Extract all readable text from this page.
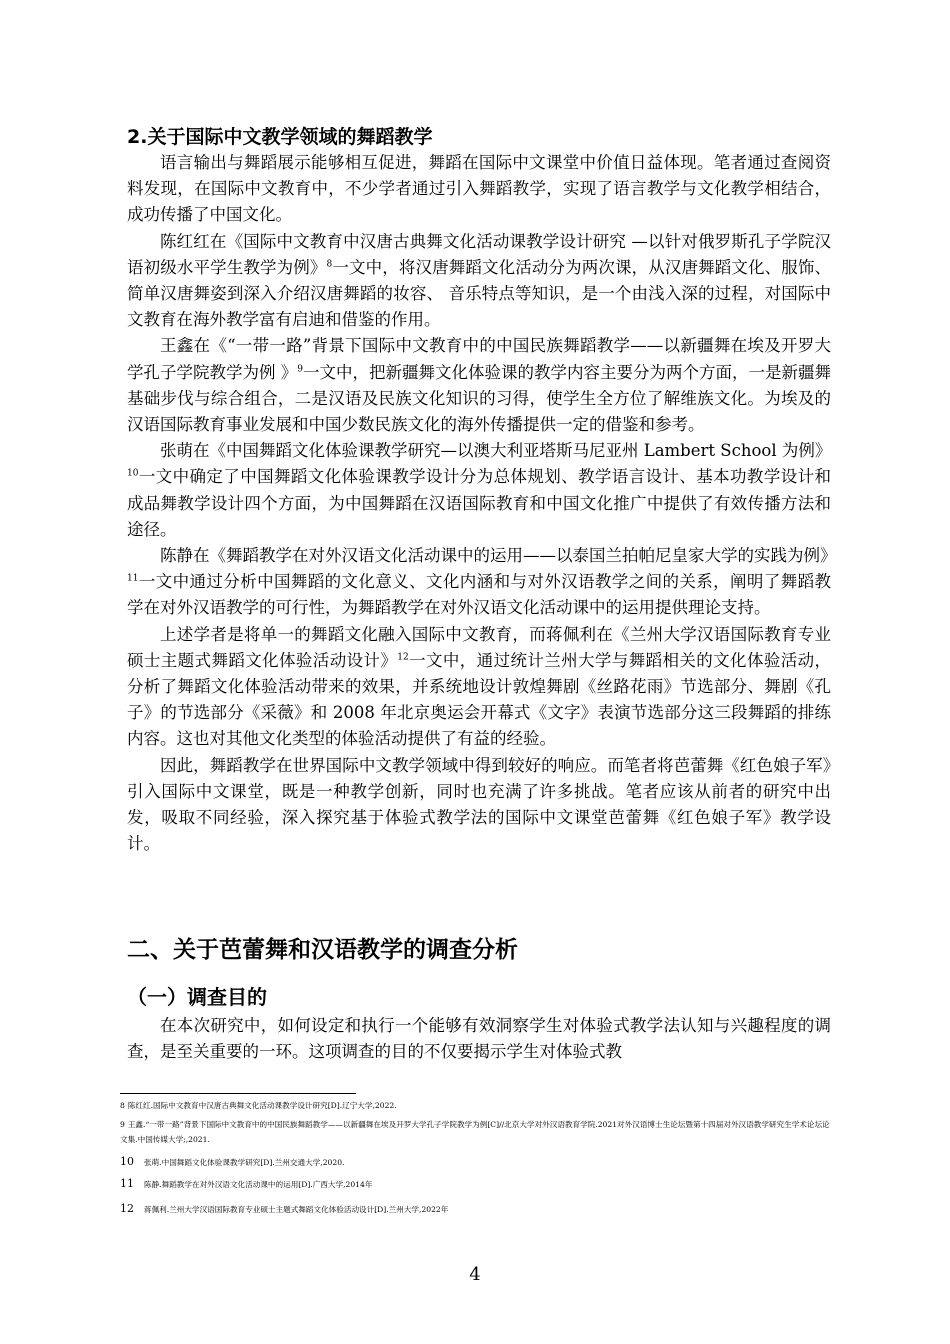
2.关于国际中文教学领域的舞蹈教学

语言输出与舞蹈展示能够相互促进，舞蹈在国际中文课堂中价值日益体现。笔者通过查阅资料发现，在国际中文教育中，不少学者通过引入舞蹈教学，实现了语言教学与文化教学相结合，成功传播了中国文化。

陈红红在《国际中文教育中汉唐古典舞文化活动课教学设计研究 —以针对俄罗斯孔子学院汉语初级水平学生教学为例》$^8$一文中，将汉唐舞蹈文化活动分为两次课，从汉唐舞蹈文化、服饰、简单汉唐舞姿到深入介绍汉唐舞蹈的妆容、 音乐特点等知识，是一个由浅入深的过程，对国际中文教育在海外教学富有启迪和借鉴的作用。

王鑫在《“一带一路”背景下国际中文教育中的中国民族舞蹈教学——以新疆舞在埃及开罗大学孔子学院教学为例 》$^9$一文中，把新疆舞文化体验课的教学内容主要分为两个方面，一是新疆舞基础步伐与综合组合，二是汉语及民族文化知识的习得，使学生全方位了解维族文化。为埃及的汉语国际教育事业发展和中国少数民族文化的海外传播提供一定的借鉴和参考。

张萌在《中国舞蹈文化体验课教学研究—以澳大利亚塔斯马尼亚州 Lambert School 为例》$^{10}$一文中确定了中国舞蹈文化体验课教学设计分为总体规划、教学语言设计、基本功教学设计和成品舞教学设计四个方面，为中国舞蹈在汉语国际教育和中国文化推广中提供了有效传播方法和途径。

陈静在《舞蹈教学在对外汉语文化活动课中的运用——以泰国兰拍帕尼皇家大学的实践为例》$^{11}$一文中通过分析中国舞蹈的文化意义、文化内涵和与对外汉语教学之间的关系，阐明了舞蹈教学在对外汉语教学的可行性，为舞蹈教学在对外汉语文化活动课中的运用提供理论支持。

上述学者是将单一的舞蹈文化融入国际中文教育，而蒋佩利在《兰州大学汉语国际教育专业硕士主题式舞蹈文化体验活动设计》$^{12}$一文中，通过统计兰州大学与舞蹈相关的文化体验活动，分析了舞蹈文化体验活动带来的效果，并系统地设计敦煌舞剧《丝路花雨》节选部分、舞剧《孔子》的节选部分《采薇》和 2008 年北京奥运会开幕式《文字》表演节选部分这三段舞蹈的排练内容。这也对其他文化类型的体验活动提供了有益的经验。

因此，舞蹈教学在世界国际中文教学领域中得到较好的响应。而笔者将芭蕾舞《红色娘子军》引入国际中文课堂，既是一种教学创新，同时也充满了许多挑战。笔者应该从前者的研究中出发，吸取不同经验，深入探究基于体验式教学法的国际中文课堂芭蕾舞《红色娘子军》教学设计。

二、关于芭蕾舞和汉语教学的调查分析
（一）调查目的

在本次研究中，如何设定和执行一个能够有效洞察学生对体验式教学法认知与兴趣程度的调查，是至关重要的一环。这项调查的目的不仅要揭示学生对体验式教

8 陈红红.国际中文教育中汉唐古典舞文化活动课教学设计研究[D].辽宁大学,2022.
9 王鑫.“一带一路”背景下国际中文教育中的中国民族舞蹈教学——以新疆舞在埃及开罗大学孔子学院教学为例[C]//北京大学对外汉语教育学院.2021对外汉语博士生论坛暨第十四届对外汉语教学研究生学术论坛论文集.中国传媒大学;,2021.
10 张萌.中国舞蹈文化体验课教学研究[D].兰州交通大学,2020.
11 陈静.舞蹈教学在对外汉语文化活动课中的运用[D].广西大学,2014年
12 蒋佩利.兰州大学汉语国际教育专业硕士主题式舞蹈文化体验活动设计[D].兰州大学,2022年
4
